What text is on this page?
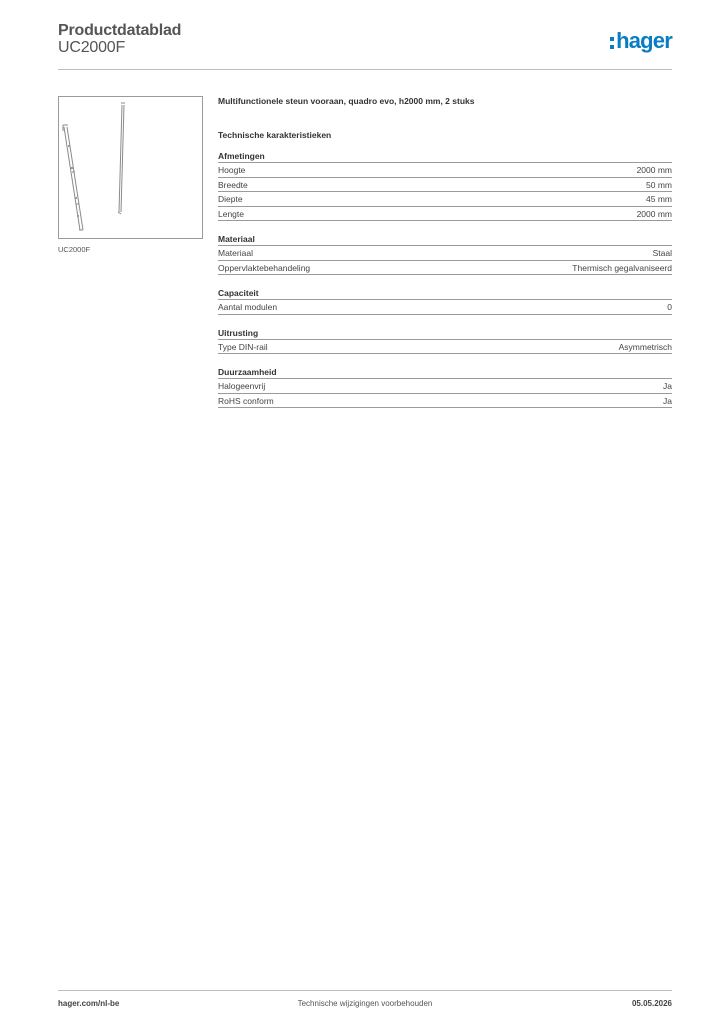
Productdatablad
UC2000F	hager
UC2000F
Multifunctionele steun vooraan, quadro evo, h2000 mm, 2 stuks
Technische karakteristieken
Afmetingen
Hoogte	2000 mm
Breedte	50 mm
Diepte	45 mm
Lengte	2000 mm
Materiaal
Materiaal	Staal
Oppervlaktebehandeling	Thermisch gegalvaniseerd
Capaciteit
Aantal modulen	0
Uitrusting
Type DIN-rail	Asymmetrisch
Duurzaamheid
Halogeenvrij	Ja
RoHS conform	Ja
hager.com/nl-be	Technische wijzigingen voorbehouden	05.05.2026
